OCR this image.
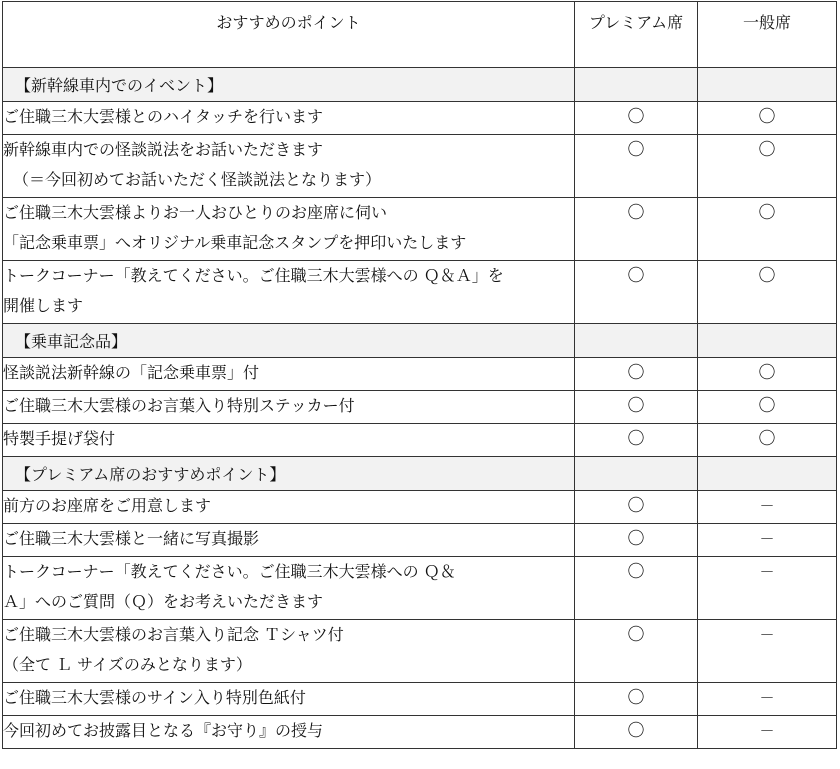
おすすめのポイント	プレミアム席	一般席

【新幹線車内でのイベント】		

ご住職三木大雲様とのハイタッチを行います	〇	〇

新幹線車内での怪談説法をお話いただきます
（＝今回初めてお話いただく怪談説法となります）	〇	〇

ご住職三木大雲様よりお一人おひとりのお座席に伺い
「記念乗車票」へオリジナル乗車記念スタンプを押印いたします	〇	〇

トークコーナー「教えてください。ご住職三木大雲様への Ｑ＆Ａ」を
開催します	〇	〇
【乗車記念品】		

怪談説法新幹線の「記念乗車票」付	〇	〇

ご住職三木大雲様のお言葉入り特別ステッカー付	〇	〇

特製手提げ袋付	〇	〇
【プレミアム席のおすすめポイント】		

前方のお座席をご用意します	〇	－

ご住職三木大雲様と一緒に写真撮影	〇	－

トークコーナー「教えてください。ご住職三木大雲様への Ｑ＆
Ａ」へのご質問（Ｑ）をお考えいただきます	〇	－

ご住職三木大雲様のお言葉入り記念 Ｔシャツ付
（全て Ｌ サイズのみとなります）	〇	－

ご住職三木大雲様のサイン入り特別色紙付	〇	－

今回初めてお披露目となる『お守り』の授与	〇	－
